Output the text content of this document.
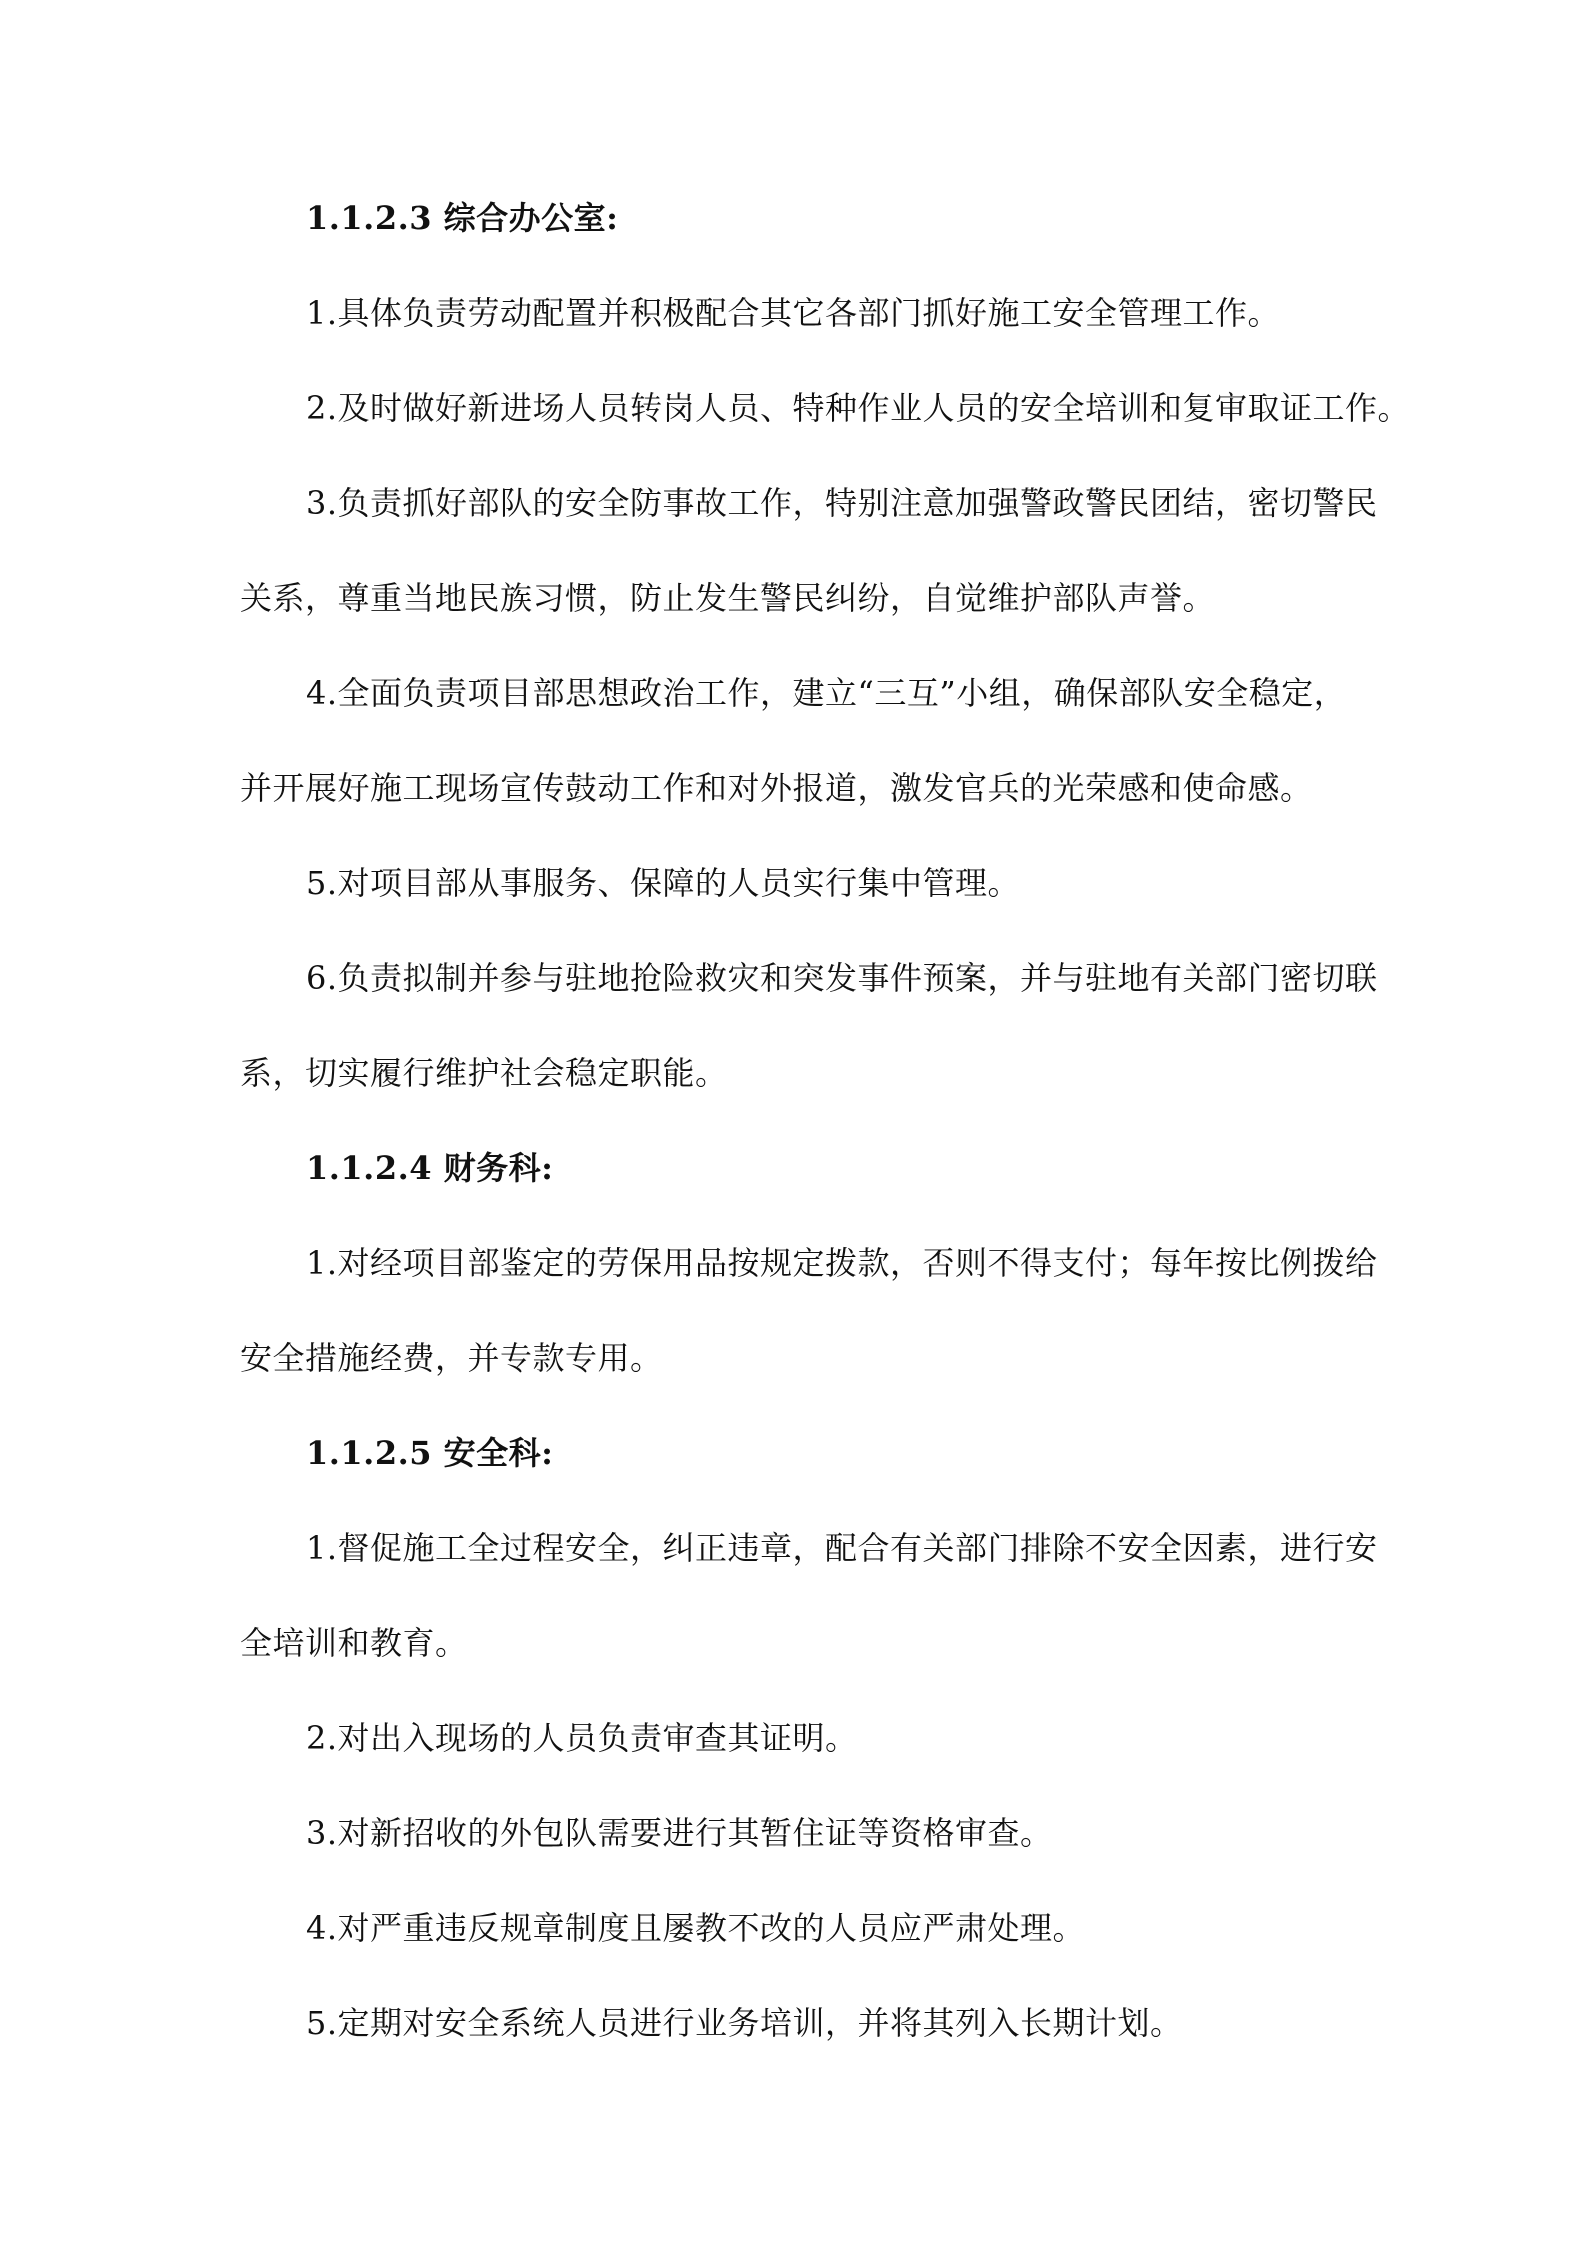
1.1.2.3 综合办公室:
1.具体负责劳动配置并积极配合其它各部门抓好施工安全管理工作。
2.及时做好新进场人员转岗人员、特种作业人员的安全培训和复审取证工作。
3.负责抓好部队的安全防事故工作，特别注意加强警政警民团结，密切警民
关系，尊重当地民族习惯，防止发生警民纠纷，自觉维护部队声誉。
4.全面负责项目部思想政治工作，建立“三互”小组，确保部队安全稳定，
并开展好施工现场宣传鼓动工作和对外报道，激发官兵的光荣感和使命感。
5.对项目部从事服务、保障的人员实行集中管理。
6.负责拟制并参与驻地抢险救灾和突发事件预案，并与驻地有关部门密切联
系，切实履行维护社会稳定职能。
1.1.2.4 财务科:
1.对经项目部鉴定的劳保用品按规定拨款，否则不得支付；每年按比例拨给
安全措施经费，并专款专用。
1.1.2.5 安全科:
1.督促施工全过程安全，纠正违章，配合有关部门排除不安全因素，进行安
全培训和教育。
2.对出入现场的人员负责审查其证明。
3.对新招收的外包队需要进行其暂住证等资格审查。
4.对严重违反规章制度且屡教不改的人员应严肃处理。
5.定期对安全系统人员进行业务培训，并将其列入长期计划。
